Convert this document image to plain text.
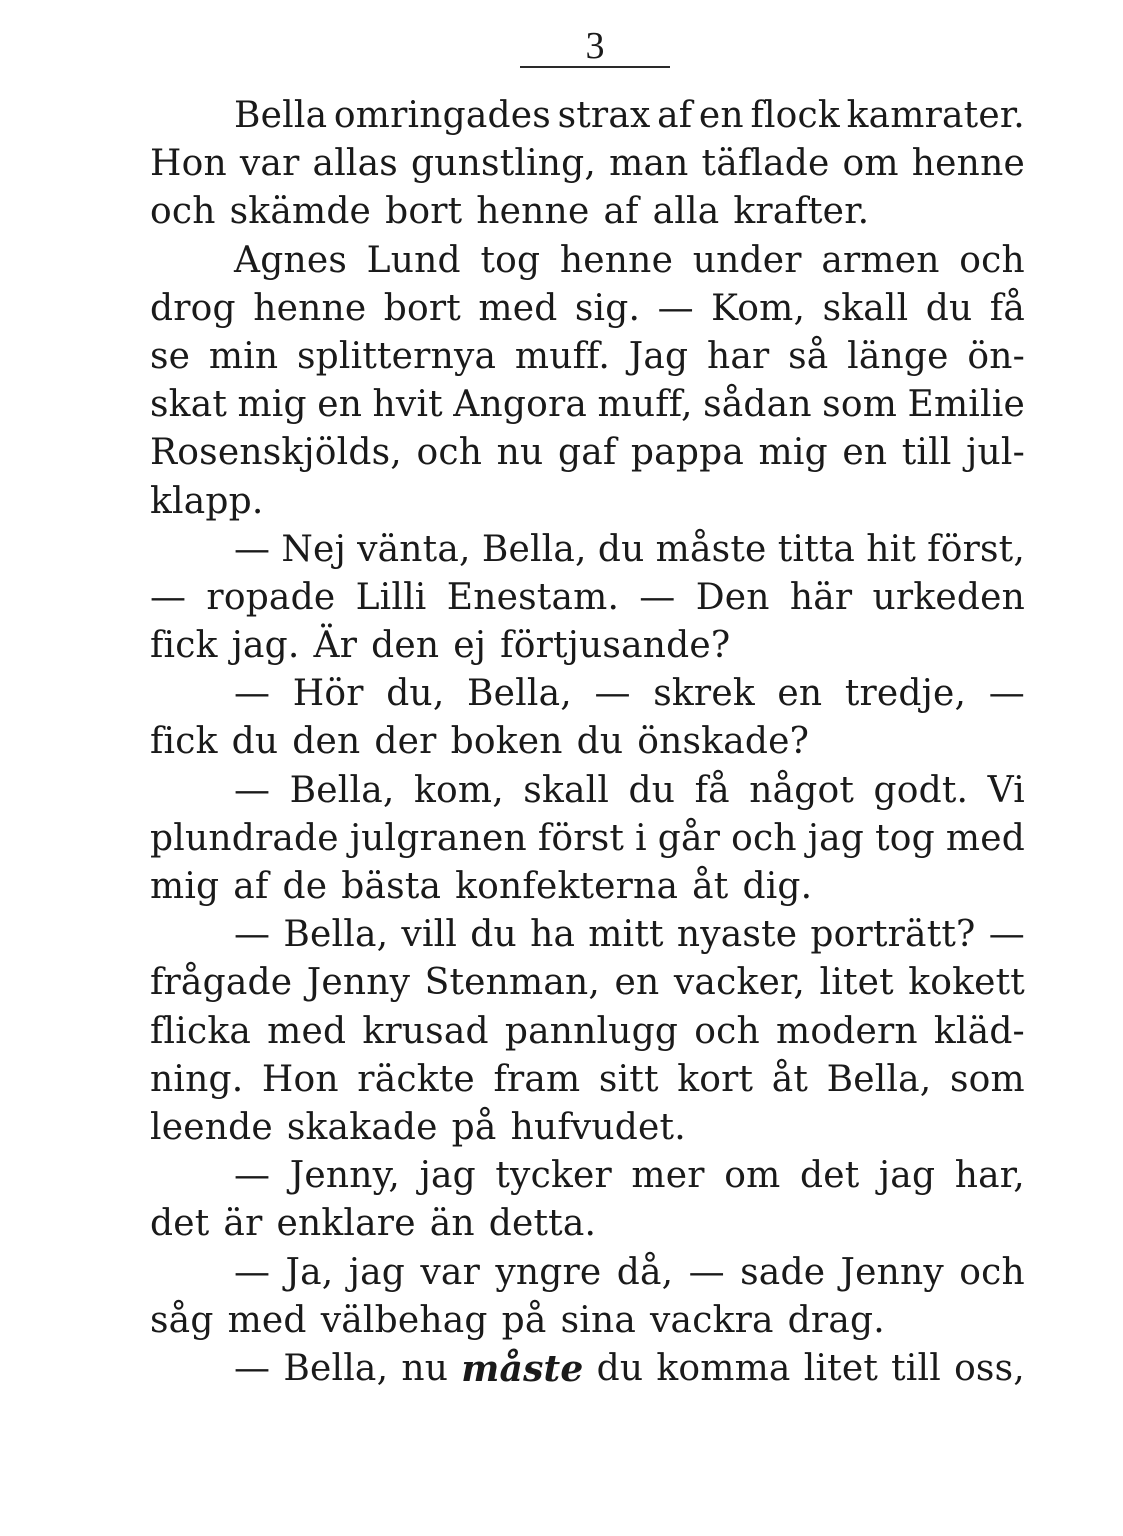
3
Bella omringades strax af en flock kamrater.
Hon var allas gunstling, man täflade om henne
och skämde bort henne af alla krafter.
Agnes Lund tog henne under armen och
drog henne bort med sig. — Kom, skall du få
se min splitternya muff. Jag har så länge ön-
skat mig en hvit Angora muff, sådan som Emilie
Rosenskjölds, och nu gaf pappa mig en till jul-
klapp.
— Nej vänta, Bella, du måste titta hit först,
— ropade Lilli Enestam. — Den här urkeden
fick jag. Är den ej förtjusande?
— Hör du, Bella, — skrek en tredje, —
fick du den der boken du önskade?
— Bella, kom, skall du få något godt. Vi
plundrade julgranen först i går och jag tog med
mig af de bästa konfekterna åt dig.
— Bella, vill du ha mitt nyaste porträtt? —
frågade Jenny Stenman, en vacker, litet kokett
flicka med krusad pannlugg och modern kläd-
ning. Hon räckte fram sitt kort åt Bella, som
leende skakade på hufvudet.
— Jenny, jag tycker mer om det jag har,
det är enklare än detta.
— Ja, jag var yngre då, — sade Jenny och
såg med välbehag på sina vackra drag.
— Bella, nu måste du komma litet till oss,
